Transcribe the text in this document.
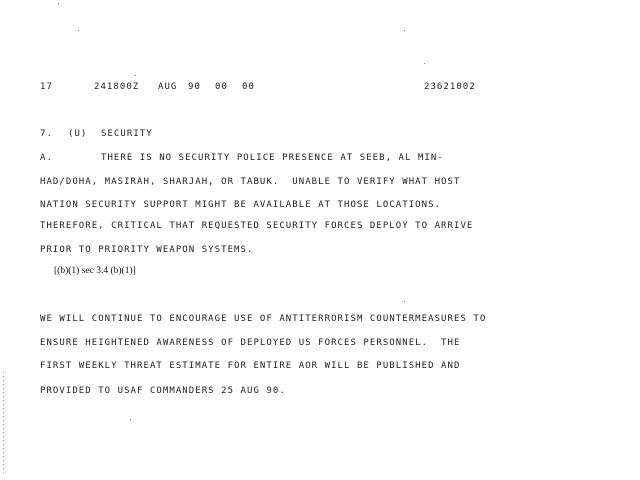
17	241800Z AUG 90 00 00	23621002
7. (U) SECURITY
A.	THERE IS NO SECURITY POLICE PRESENCE AT SEEB, AL MIN-
HAD/DOHA, MASIRAH, SHARJAH, OR TABUK.  UNABLE TO VERIFY WHAT HOST
NATION SECURITY SUPPORT MIGHT BE AVAILABLE AT THOSE LOCATIONS.
THEREFORE, CRITICAL THAT REQUESTED SECURITY FORCES DEPLOY TO ARRIVE
PRIOR TO PRIORITY WEAPON SYSTEMS.
[(b)(1) sec 3.4 (b)(1)]
WE WILL CONTINUE TO ENCOURAGE USE OF ANTITERRORISM COUNTERMEASURES TO
ENSURE HEIGHTENED AWARENESS OF DEPLOYED US FORCES PERSONNEL.  THE
FIRST WEEKLY THREAT ESTIMATE FOR ENTIRE AOR WILL BE PUBLISHED AND
PROVIDED TO USAF COMMANDERS 25 AUG 90.
